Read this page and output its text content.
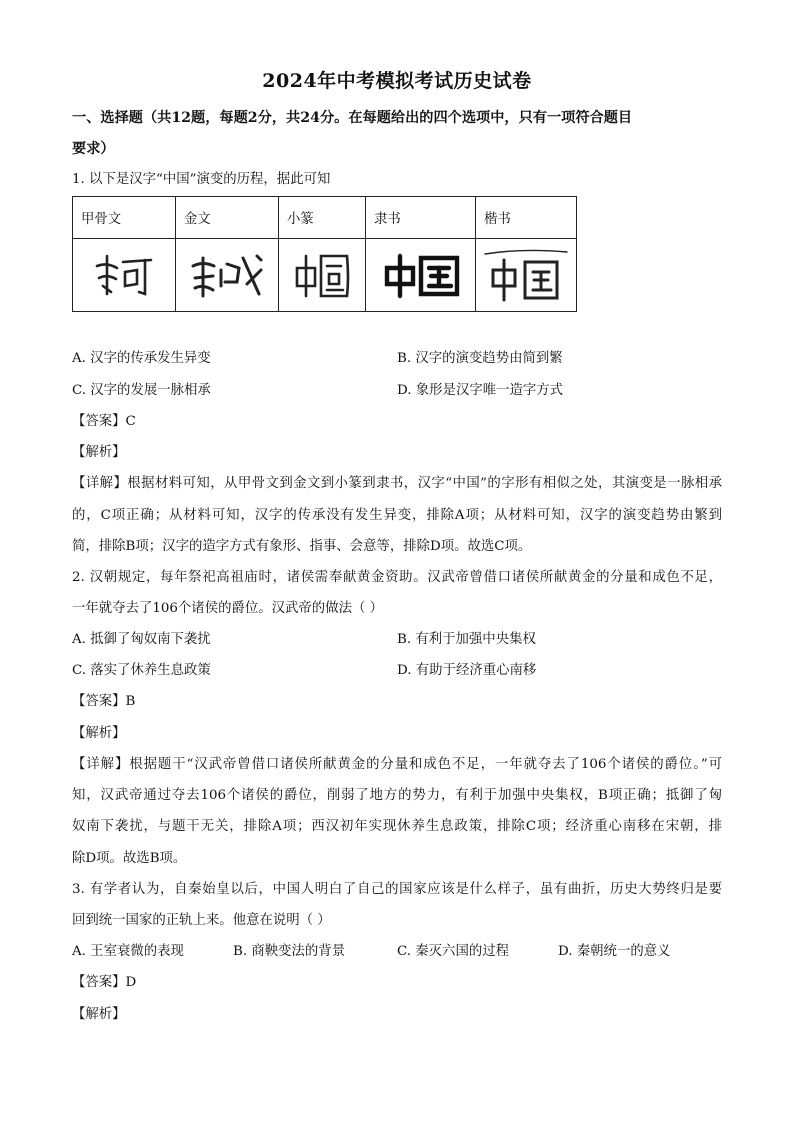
2024年中考模拟考试历史试卷
一、选择题（共12题，每题2分，共24分。在每题给出的四个选项中，只有一项符合题目
要求）
1. 以下是汉字“中国”演变的历程，据此可知
甲骨文	金文	小篆	隶书	楷书

A. 汉字的传承发生异变	B. 汉字的演变趋势由简到繁
C. 汉字的发展一脉相承	D. 象形是汉字唯一造字方式
【答案】C
【解析】
【详解】根据材料可知，从甲骨文到金文到小篆到隶书，汉字“中国”的字形有相似之处，其演变是一脉相承
的，C项正确；从材料可知，汉字的传承没有发生异变，排除A项；从材料可知，汉字的演变趋势由繁到
简，排除B项；汉字的造字方式有象形、指事、会意等，排除D项。故选C项。
2. 汉朝规定，每年祭祀高祖庙时，诸侯需奉献黄金资助。汉武帝曾借口诸侯所献黄金的分量和成色不足，
一年就夺去了106个诸侯的爵位。汉武帝的做法（ ）
A. 抵御了匈奴南下袭扰	B. 有利于加强中央集权
C. 落实了休养生息政策	D. 有助于经济重心南移
【答案】B
【解析】
【详解】根据题干“汉武帝曾借口诸侯所献黄金的分量和成色不足，一年就夺去了106个诸侯的爵位。”可
知，汉武帝通过夺去106个诸侯的爵位，削弱了地方的势力，有利于加强中央集权，B项正确；抵御了匈
奴南下袭扰，与题干无关，排除A项；西汉初年实现休养生息政策，排除C项；经济重心南移在宋朝，排
除D项。故选B项。
3. 有学者认为，自秦始皇以后，中国人明白了自己的国家应该是什么样子，虽有曲折，历史大势终归是要
回到统一国家的正轨上来。他意在说明（ ）
A. 王室衰微的表现	B. 商鞅变法的背景	C. 秦灭六国的过程	D. 秦朝统一的意义
【答案】D
【解析】
